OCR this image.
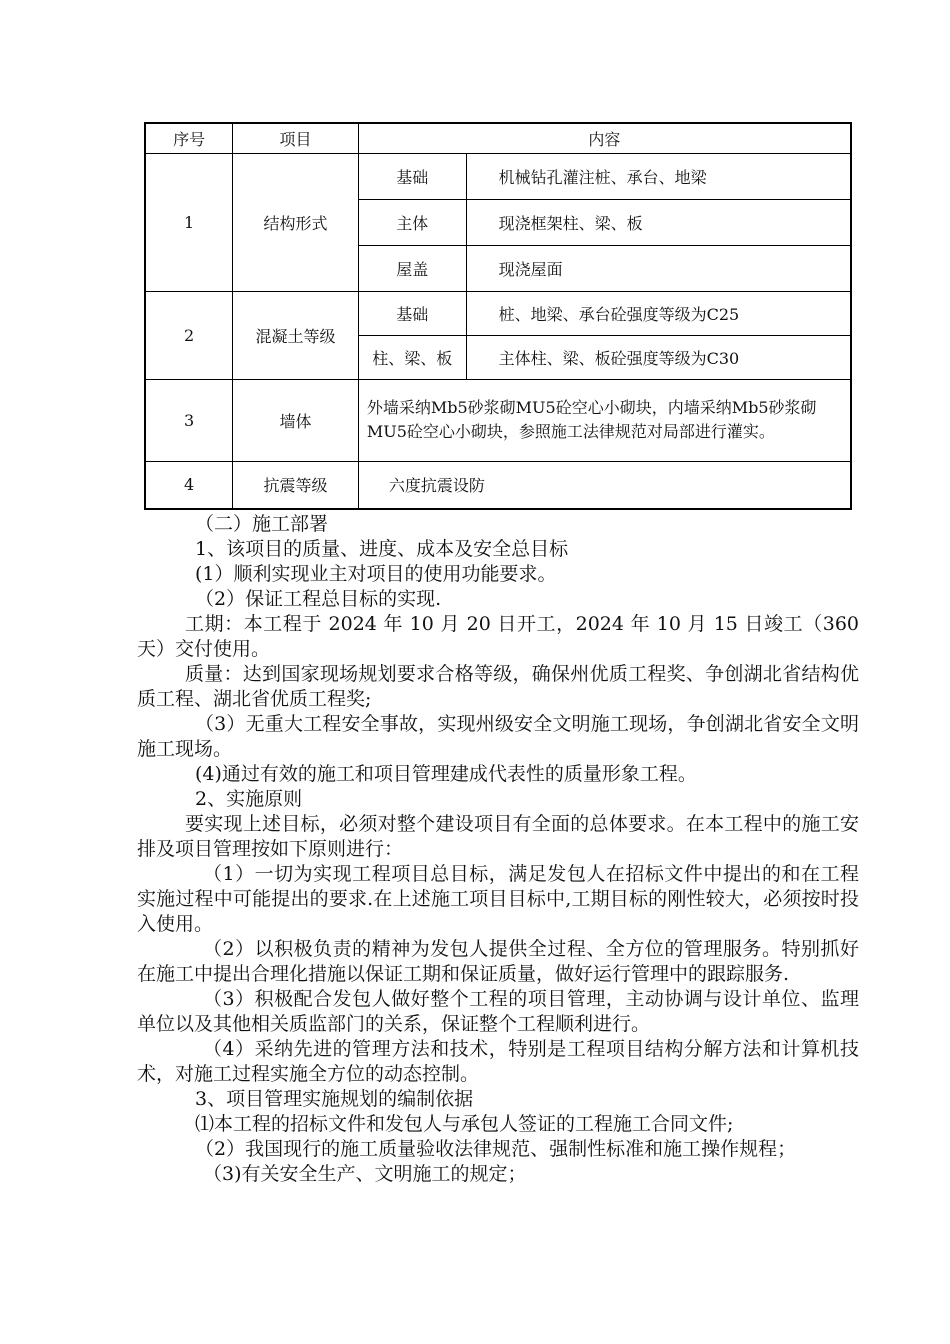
序号	项目	内容	
1	结构形式	基础	机械钻孔灌注桩、承台、地梁
		主体	现浇框架柱、梁、板
		屋盖	现浇屋面
2	混凝土等级	基础	桩、地梁、承台砼强度等级为C25
		柱、梁、板	主体柱、梁、板砼强度等级为C30
3	墙体	外墙采纳Mb5砂浆砌MU5砼空心小砌块，内墙采纳Mb5砂浆砌MU5砼空心小砌块，参照施工法律规范对局部进行灌实。	
4	抗震等级	六度抗震设防	

（二）施工部署

1、该项目的质量、进度、成本及安全总目标

(1）顺利实现业主对项目的使用功能要求。

（2）保证工程总目标的实现.

工期：本工程于 2024 年 10 月 20 日开工，2024 年 10 月 15 日竣工（360 天）交付使用。

质量：达到国家现场规划要求合格等级，确保州优质工程奖、争创湖北省结构优质工程、湖北省优质工程奖;

（3）无重大工程安全事故，实现州级安全文明施工现场，争创湖北省安全文明施工现场。

(4)通过有效的施工和项目管理建成代表性的质量形象工程。

2、实施原则

要实现上述目标，必须对整个建设项目有全面的总体要求。在本工程中的施工安排及项目管理按如下原则进行：

（1）一切为实现工程项目总目标，满足发包人在招标文件中提出的和在工程实施过程中可能提出的要求.在上述施工项目目标中,工期目标的刚性较大，必须按时投入使用。

（2）以积极负责的精神为发包人提供全过程、全方位的管理服务。特别抓好在施工中提出合理化措施以保证工期和保证质量，做好运行管理中的跟踪服务.

（3）积极配合发包人做好整个工程的项目管理，主动协调与设计单位、监理单位以及其他相关质监部门的关系，保证整个工程顺利进行。

（4）采纳先进的管理方法和技术，特别是工程项目结构分解方法和计算机技术，对施工过程实施全方位的动态控制。

3、项目管理实施规划的编制依据

⑴本工程的招标文件和发包人与承包人签证的工程施工合同文件;

（2）我国现行的施工质量验收法律规范、强制性标准和施工操作规程；

（3)有关安全生产、文明施工的规定；
